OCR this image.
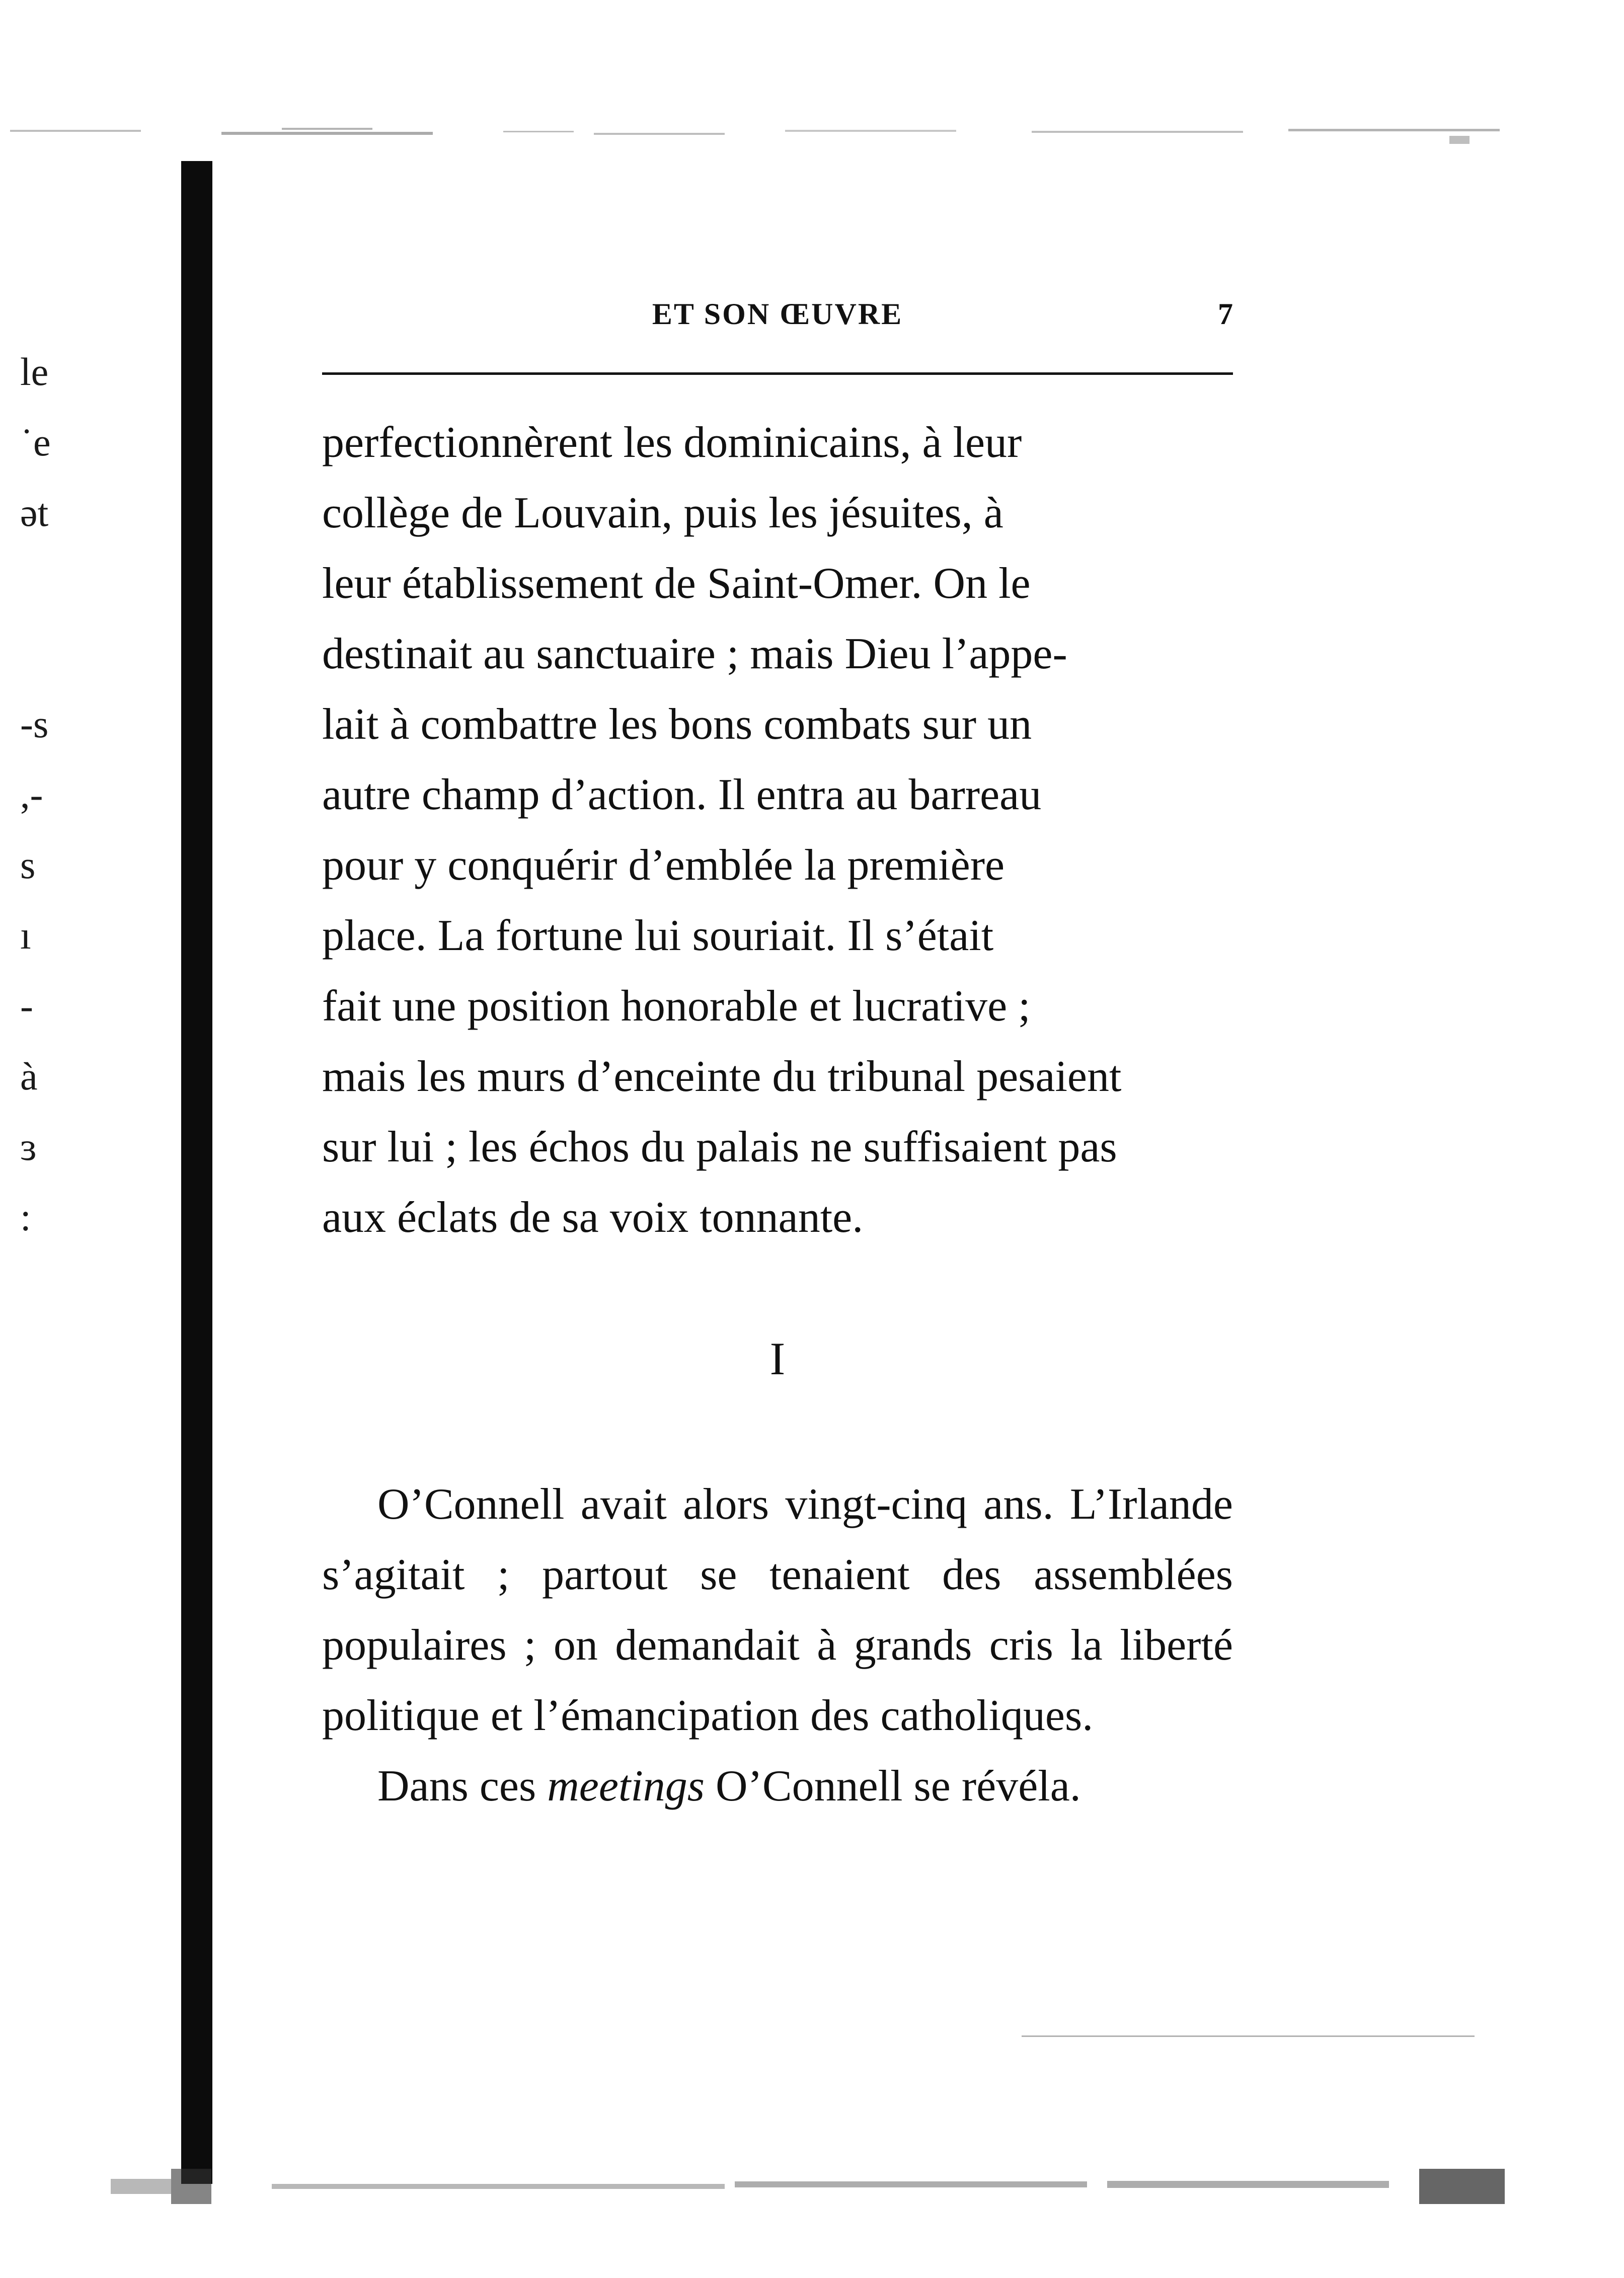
le
˙e
ət
-s
,-
s
ı
-
à
ɜ
:
ET SON ŒUVRE	7

perfectionnèrent les dominicains, à leur

collège de Louvain, puis les jésuites, à

leur établissement de Saint-Omer. On le

destinait au sanctuaire ; mais Dieu l’appe-

lait à combattre les bons combats sur un

autre champ d’action. Il entra au barreau

pour y conquérir d’emblée la première

place. La fortune lui souriait. Il s’était

fait une position honorable et lucrative ;

mais les murs d’enceinte du tribunal pesaient

sur lui ; les échos du palais ne suffisaient pas

aux éclats de sa voix tonnante.

I

O’Connell avait alors vingt-cinq ans. L’Irlande s’agitait ; partout se tenaient des assemblées populaires ; on demandait à grands cris la liberté politique et l’émancipation des catholiques.

Dans ces meetings O’Connell se révéla.
